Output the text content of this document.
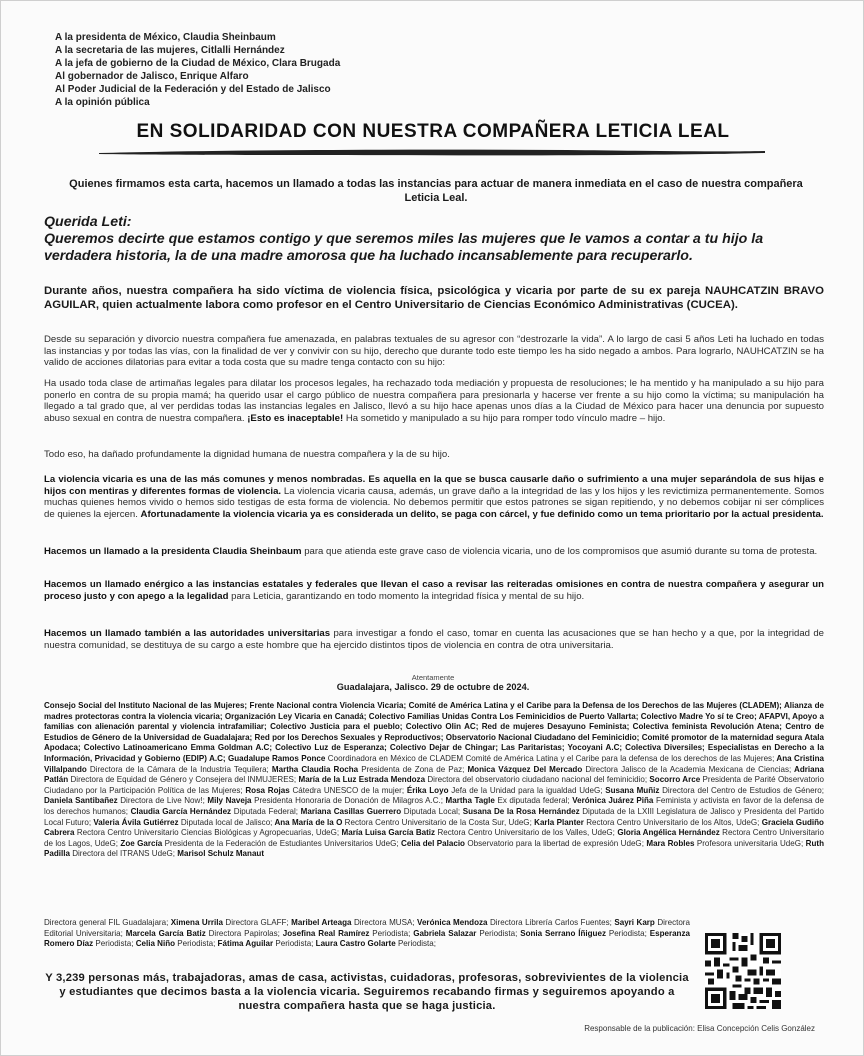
A la presidenta de México, Claudia Sheinbaum
A la secretaria de las mujeres, Citlalli Hernández
A la jefa de gobierno de la Ciudad de México, Clara Brugada
Al gobernador de Jalisco, Enrique Alfaro
Al Poder Judicial de la Federación y del Estado de Jalisco
A la opinión pública
EN SOLIDARIDAD CON NUESTRA COMPAÑERA LETICIA LEAL
Quienes firmamos esta carta, hacemos un llamado a todas las instancias para actuar de manera inmediata en el caso de nuestra compañera Leticia Leal.
Querida Leti:
Queremos decirte que estamos contigo y que seremos miles las mujeres que le vamos a contar a tu hijo la verdadera historia, la de una madre amorosa que ha luchado incansablemente para recuperarlo.
Durante años, nuestra compañera ha sido víctima de violencia física, psicológica y vicaria por parte de su ex pareja NAUHCATZIN BRAVO AGUILAR, quien actualmente labora como profesor en el Centro Universitario de Ciencias Económico Administrativas (CUCEA).
Desde su separación y divorcio nuestra compañera fue amenazada, en palabras textuales de su agresor con “destrozarle la vida”. A lo largo de casi 5 años Leti ha luchado en todas las instancias y por todas las vías, con la finalidad de ver y convivir con su hijo, derecho que durante todo este tiempo les ha sido negado a ambos. Para lograrlo, NAUHCATZIN se ha valido de acciones dilatorias para evitar a toda costa que su madre tenga contacto con su hijo:
Ha usado toda clase de artimañas legales para dilatar los procesos legales, ha rechazado toda mediación y propuesta de resoluciones; le ha mentido y ha manipulado a su hijo para ponerlo en contra de su propia mamá; ha querido usar el cargo público de nuestra compañera para presionarla y hacerse ver frente a su hijo como la víctima; su manipulación ha llegado a tal grado que, al ver perdidas todas las instancias legales en Jalisco, llevó a su hijo hace apenas unos días a la Ciudad de México para hacer una denuncia por supuesto abuso sexual en contra de nuestra compañera. ¡Esto es inaceptable! Ha sometido y manipulado a su hijo para romper todo vínculo madre – hijo.
Todo eso, ha dañado profundamente la dignidad humana de nuestra compañera y la de su hijo.
La violencia vicaria es una de las más comunes y menos nombradas. Es aquella en la que se busca causarle daño o sufrimiento a una mujer separándola de sus hijas e hijos con mentiras y diferentes formas de violencia. La violencia vicaria causa, además, un grave daño a la integridad de las y los hijos y les revictimiza permanentemente. Somos muchas quienes hemos vivido o hemos sido testigas de esta forma de violencia. No debemos permitir que estos patrones se sigan repitiendo, y no debemos cobijar ni ser cómplices de quienes la ejercen. Afortunadamente la violencia vicaria ya es considerada un delito, se paga con cárcel, y fue definido como un tema prioritario por la actual presidenta.
Hacemos un llamado a la presidenta Claudia Sheinbaum para que atienda este grave caso de violencia vicaria, uno de los compromisos que asumió durante su toma de protesta.
Hacemos un llamado enérgico a las instancias estatales y federales que llevan el caso a revisar las reiteradas omisiones en contra de nuestra compañera y asegurar un proceso justo y con apego a la legalidad para Leticia, garantizando en todo momento la integridad física y mental de su hijo.
Hacemos un llamado también a las autoridades universitarias para investigar a fondo el caso, tomar en cuenta las acusaciones que se han hecho y a que, por la integridad de nuestra comunidad, se destituya de su cargo a este hombre que ha ejercido distintos tipos de violencia en contra de otra universitaria.
Atentamente
Guadalajara, Jalisco. 29 de octubre de 2024.
Consejo Social del Instituto Nacional de las Mujeres; Frente Nacional contra Violencia Vicaria; Comité de América Latina y el Caribe para la Defensa de los Derechos de las Mujeres (CLADEM); Alianza de madres protectoras contra la violencia vicaria; Organización Ley Vicaria en Canadá; Colectivo Familias Unidas Contra Los Feminicidios de Puerto Vallarta; Colectivo Madre Yo sí te Creo; AFAPVI, Apoyo a familias con alienación parental y violencia intrafamiliar; Colectivo Justicia para el pueblo; Colectivo Olin AC; Red de mujeres Desayuno Feminista; Colectiva feminista Revolución Atena; Centro de Estudios de Género de la Universidad de Guadalajara; Red por los Derechos Sexuales y Reproductivos; Observatorio Nacional Ciudadano del Feminicidio; Comité promotor de la maternidad segura Atala Apodaca; Colectivo Latinoamericano Emma Goldman A.C; Colectivo Luz de Esperanza; Colectivo Dejar de Chingar; Las Paritaristas; Yocoyani A.C; Colectiva Diversiles; Especialistas en Derecho a la Información, Privacidad y Gobierno (EDIP) A.C; Guadalupe Ramos Ponce Coordinadora en México de CLADEM Comité de América Latina y el Caribe para la defensa de los derechos de las Mujeres; Ana Cristina Villalpando Directora de la Cámara de la Industria Tequilera; Martha Claudia Rocha Presidenta de Zona de Paz; Monica Vázquez Del Mercado Directora Jalisco de la Academia Mexicana de Ciencias; Adriana Patlán Directora de Equidad de Género y Consejera del INMUJERES; María de la Luz Estrada Mendoza Directora del observatorio ciudadano nacional del feminicidio; Socorro Arce Presidenta de Parité Observatorio Ciudadano por la Participación Política de las Mujeres; Rosa Rojas Cátedra UNESCO de la mujer; Érika Loyo Jefa de la Unidad para la igualdad UdeG; Susana Muñiz Directora del Centro de Estudios de Género; Daniela Santibañez Directora de Live Now!; Mily Naveja Presidenta Honoraria de Donación de Milagros A.C.; Martha Tagle Ex diputada federal; Verónica Juárez Piña Feminista y activista en favor de la defensa de los derechos humanos; Claudia García Hernández Diputada Federal; Mariana Casillas Guerrero Diputada Local; Susana De la Rosa Hernández Diputada de la LXIII Legislatura de Jalisco y Presidenta del Partido Local Futuro; Valeria Ávila Gutiérrez Diputada local de Jalisco; Ana María de la O Rectora Centro Universitario de la Costa Sur, UdeG; Karla Planter Rectora Centro Universitario de los Altos, UdeG; Graciela Gudiño Cabrera Rectora Centro Universitario Ciencias Biológicas y Agropecuarias, UdeG; María Luisa García Batiz Rectora Centro Universitario de los Valles, UdeG; Gloria Angélica Hernández Rectora Centro Universitario de los Lagos, UdeG; Zoe García Presidenta de la Federación de Estudiantes Universitarios UdeG; Celia del Palacio Observatorio para la libertad de expresión UdeG; Mara Robles Profesora universitaria UdeG; Ruth Padilla Directora del ITRANS UdeG; Marisol Schulz Manaut
Directora general FIL Guadalajara; Ximena Urrila Directora GLAFF; Maribel Arteaga Directora MUSA; Verónica Mendoza Directora Librería Carlos Fuentes; Sayri Karp Directora Editorial Universitaria; Marcela García Batiz Directora Papirolas; Josefina Real Ramírez Periodista; Gabriela Salazar Periodista; Sonia Serrano Íñiguez Periodista; Esperanza Romero Díaz Periodista; Celia Niño Periodista; Fátima Aguilar Periodista; Laura Castro Golarte Periodista;
Y 3,239 personas más, trabajadoras, amas de casa, activistas, cuidadoras, profesoras, sobrevivientes de la violencia y estudiantes que decimos basta a la violencia vicaria. Seguiremos recabando firmas y seguiremos apoyando a nuestra compañera hasta que se haga justicia.
Responsable de la publicación: Elisa Concepción Celis González
